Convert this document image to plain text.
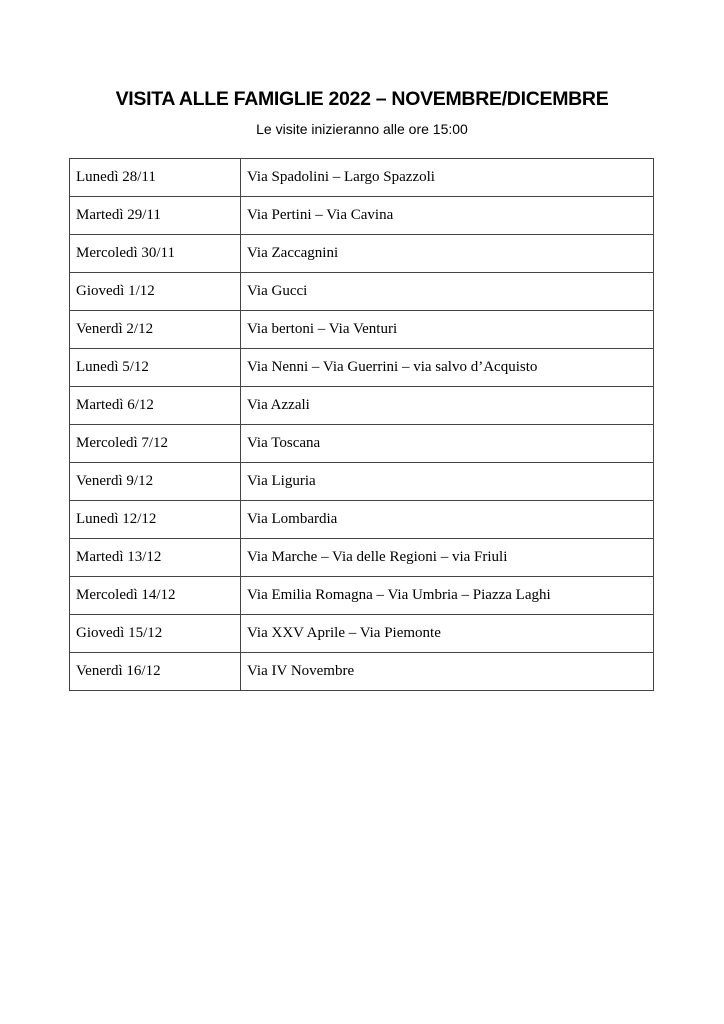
VISITA ALLE FAMIGLIE 2022 – NOVEMBRE/DICEMBRE

Le visite inizieranno alle ore 15:00

Lunedì 28/11	Via Spadolini – Largo Spazzoli
Martedì 29/11	Via Pertini – Via Cavina
Mercoledì 30/11	Via Zaccagnini
Giovedì 1/12	Via Gucci
Venerdì 2/12	Via bertoni – Via Venturi
Lunedì 5/12	Via Nenni – Via Guerrini – via salvo d’Acquisto
Martedì 6/12	Via Azzali
Mercoledì 7/12	Via Toscana
Venerdì 9/12	Via Liguria
Lunedì 12/12	Via Lombardia
Martedì 13/12	Via Marche – Via delle Regioni – via Friuli
Mercoledì 14/12	Via Emilia Romagna – Via Umbria – Piazza Laghi
Giovedì 15/12	Via XXV Aprile – Via Piemonte
Venerdì 16/12	Via IV Novembre
